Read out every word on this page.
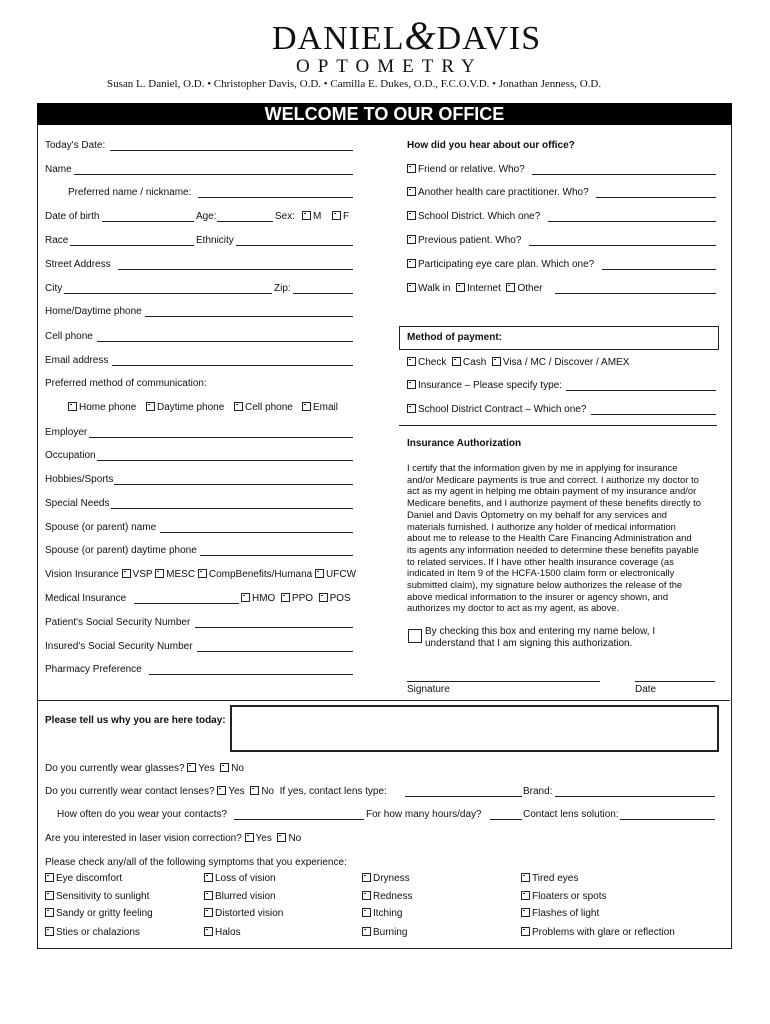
DANIEL&DAVIS
OPTOMETRY
Susan L. Daniel, O.D. • Christopher Davis, O.D. • Camilla E. Dukes, O.D., F.C.O.V.D. • Jonathan Jenness, O.D.
WELCOME TO OUR OFFICE
Today's Date:
Name
Preferred name / nickname:
Date of birth	Age:	Sex:	M	F
Race	Ethnicity
Street Address
City	Zip:
Home/Daytime phone
Cell phone
Email address
Preferred method of communication:
Home phone	Daytime phone	Cell phone	Email
Employer
Occupation
Hobbies/Sports
Special Needs
Spouse (or parent) name
Spouse (or parent) daytime phone
Vision Insurance VSP MESC CompBenefits/Humana UFCW
Medical Insurance	HMO PPO POS
Patient's Social Security Number
Insured's Social Security Number
Pharmacy Preference
How did you hear about our office?
Friend or relative. Who?
Another health care practitioner. Who?
School District. Which one?
Previous patient. Who?
Participating eye care plan. Which one?
Walk in Internet Other
Method of payment:
Check Cash Visa / MC / Discover / AMEX
Insurance – Please specify type:
School District Contract – Which one?
Insurance Authorization
I certify that the information given by me in applying for insurance
and/or Medicare payments is true and correct. I authorize my doctor to
act as my agent in helping me obtain payment of my insurance and/or
Medicare benefits, and I authorize payment of these benefits directly to
Daniel and Davis Optometry on my behalf for any services and
materials furnished. I authorize any holder of medical information
about me to release to the Health Care Financing Administration and
its agents any information needed to determine these benefits payable
to related services. If I have other health insurance coverage (as
indicated in Item 9 of the HCFA-1500 claim form or electronically
submitted claim), my signature below authorizes the release of the
above medical information to the insurer or agency shown, and
authorizes my doctor to act as my agent, as above.
By checking this box and entering my name below, I
understand that I am signing this authorization.
Signature	Date
Please tell us why you are here today:
Do you currently wear glasses? Yes No
Do you currently wear contact lenses? Yes No If yes, contact lens type:	Brand:
How often do you wear your contacts?	For how many hours/day?	Contact lens solution:
Are you interested in laser vision correction? Yes No
Please check any/all of the following symptoms that you experience:
Eye discomfort	Loss of vision	Dryness	Tired eyes
Sensitivity to sunlight	Blurred vision	Redness	Floaters or spots
Sandy or gritty feeling	Distorted vision	Itching	Flashes of light
Sties or chalazions	Halos	Burning	Problems with glare or reflection
